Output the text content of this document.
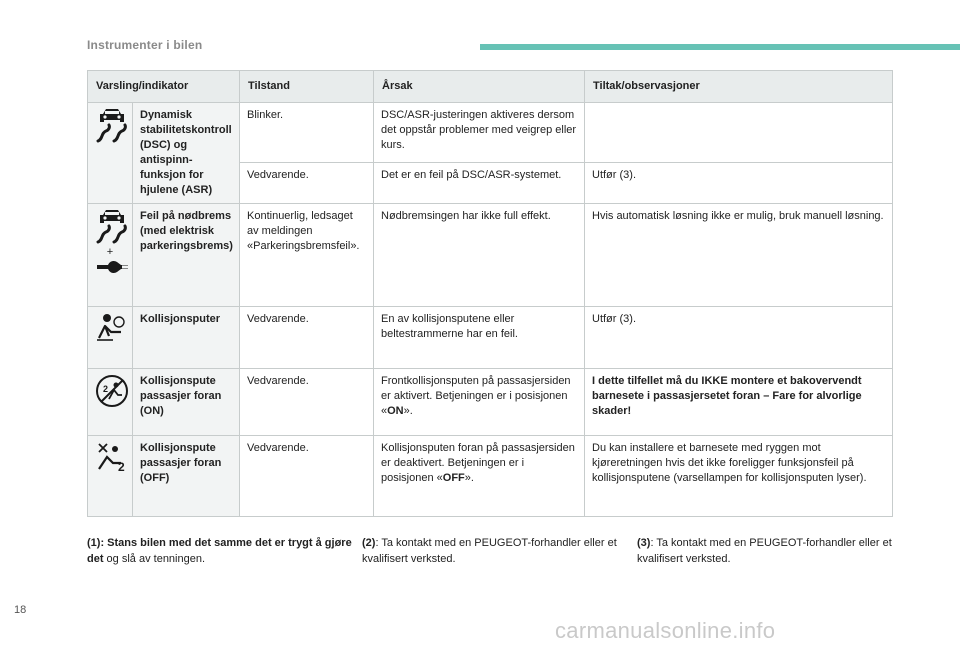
Instrumenter i bilen
Varsling/indikator		Tilstand	Årsak	Tiltak/observasjoner

	Dynamisk stabilitetskontroll (DSC) og antispinn-funksjon for hjulene (ASR)	Blinker.	DSC/ASR-justeringen aktiveres dersom det oppstår problemer med veigrep eller kurs.	
		Vedvarende.	Det er en feil på DSC/ASR-systemet.	Utfør (3).

+	Feil på nødbrems (med elektrisk parkeringsbrems)	Kontinuerlig, ledsaget av meldingen «Parkeringsbremsfeil».	Nødbremsingen har ikke full effekt.	Hvis automatisk løsning ikke er mulig, bruk manuell løsning.

	Kollisjonsputer	Vedvarende.	En av kollisjonsputene eller beltestrammerne har en feil.	Utfør (3).

2	Kollisjonspute passasjer foran (ON)	Vedvarende.	Frontkollisjonsputen på passasjersiden er aktivert. Betjeningen er i posisjonen «ON».	I dette tilfellet må du IKKE montere et bakovervendt barnesete i passasjersetet foran – Fare for alvorlige skader!

2	Kollisjonspute passasjer foran (OFF)	Vedvarende.	Kollisjonsputen foran på passasjersiden er deaktivert. Betjeningen er i posisjonen «OFF».	Du kan installere et barnesete med ryggen mot kjøreretningen hvis det ikke foreligger funksjonsfeil på kollisjonsputene (varsellampen for kollisjonsputen lyser).
(1): Stans bilen med det samme det er trygt å gjøre det og slå av tenningen.
(2): Ta kontakt med en PEUGEOT-forhandler eller et kvalifisert verksted.
(3): Ta kontakt med en PEUGEOT-forhandler eller et kvalifisert verksted.
18
carmanualsonline.info
